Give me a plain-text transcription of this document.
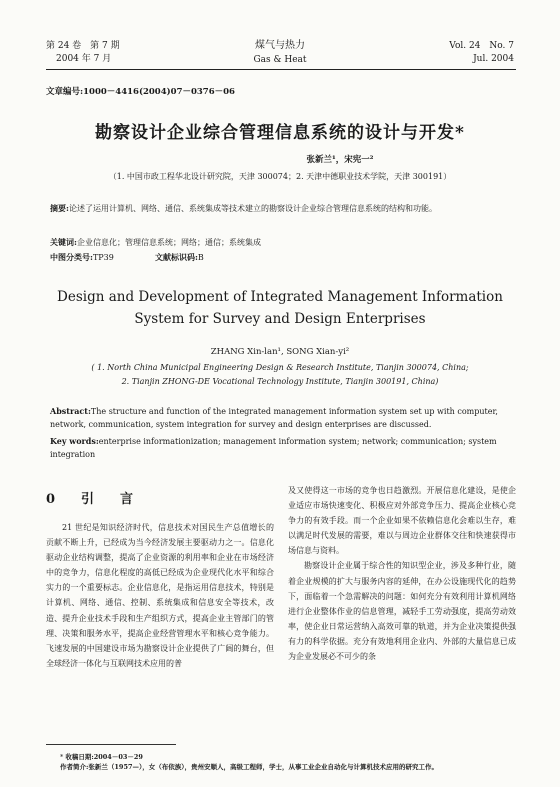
第 24 卷　第 7 期
2004 年 7 月
煤气与热力
Gas & Heat
Vol. 24　No. 7
Jul. 2004
文章编号:1000－4416(2004)07－0376－06
勘察设计企业综合管理信息系统的设计与开发*
张新兰¹，宋宪一²
（1. 中国市政工程华北设计研究院，天津 300074；2. 天津中德职业技术学院，天津 300191）
摘要:论述了运用计算机、网络、通信、系统集成等技术建立的勘察设计企业综合管理信息系统的结构和功能。
关键词:企业信息化；管理信息系统；网络；通信；系统集成
中图分类号:TP39	文献标识码:B
Design and Development of Integrated Management Information
System for Survey and Design Enterprises
ZHANG Xin-lan¹, SONG Xian-yi²
( 1. North China Municipal Engineering Design & Research Institute, Tianjin 300074, China;
2. Tianjin ZHONG-DE Vocational Technology Institute, Tianjin 300191, China)
Abstract:The structure and function of the integrated management information system set up with computer, network, communication, system integration for survey and design enterprises are discussed.
Key words:enterprise informationization; management information system; network; communication; system integration
0 引　　言

21 世纪是知识经济时代，信息技术对国民生产总值增长的贡献不断上升，已经成为当今经济发展主要驱动力之一。信息化驱动企业结构调整，提高了企业资源的利用率和企业在市场经济中的竞争力，信息化程度的高低已经成为企业现代化水平和综合实力的一个重要标志。企业信息化，是指运用信息技术，特别是计算机、网络、通信、控制、系统集成和信息安全等技术，改造、提升企业技术手段和生产组织方式，提高企业主管部门的管理、决策和服务水平，提高企业经营管理水平和核心竞争能力。飞速发展的中国建设市场为勘察设计企业提供了广阔的舞台，但全球经济一体化与互联网技术应用的普

及又使得这一市场的竞争也日趋激烈。开展信息化建设，是使企业适应市场快速变化、积极应对外部竞争压力、提高企业核心竞争力的有效手段。而一个企业如果不依赖信息化会难以生存，难以满足时代发展的需要，难以与周边企业群体交往和快速获得市场信息与资料。

勘察设计企业属于综合性的知识型企业，涉及多种行业，随着企业规模的扩大与服务内容的延伸，在办公设施现代化的趋势下，面临着一个急需解决的问题：如何充分有效利用计算机网络进行企业整体作业的信息管理，减轻手工劳动强度，提高劳动效率，使企业日常运营纳入高效可靠的轨道，并为企业决策提供强有力的科学依据。充分有效地利用企业内、外部的大量信息已成为企业发展必不可少的条

* 收稿日期:2004－03－29
作者简介:张新兰（1957—），女（布依族），贵州安顺人，高级工程师，学士，从事工业企业自动化与计算机技术应用的研究工作。
